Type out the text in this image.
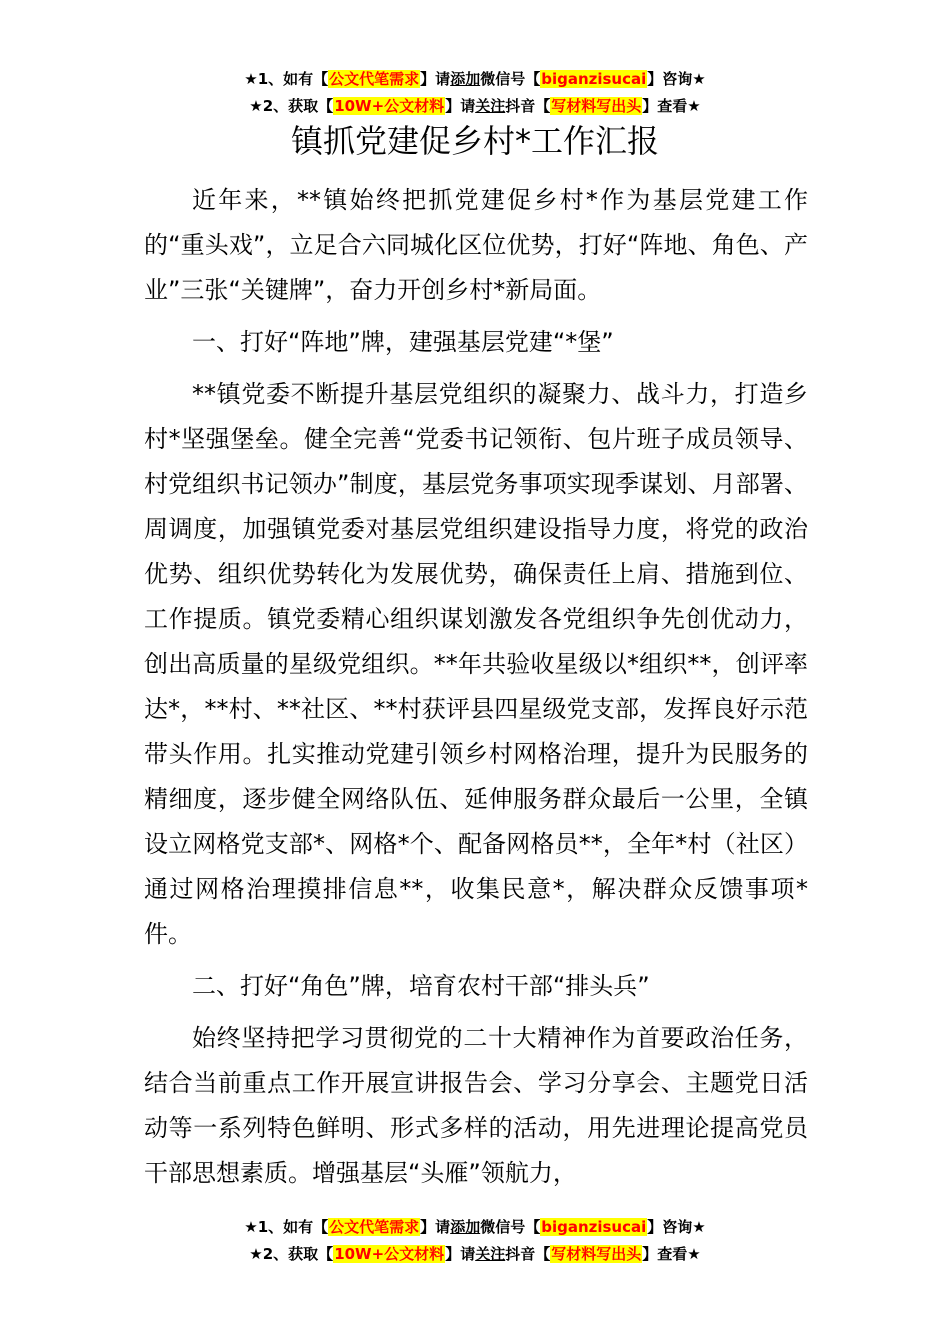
★1、如有【公文代笔需求】请添加微信号【biganzisucai】咨询★
★2、获取【10W+公文材料】请关注抖音【写材料写出头】查看★
镇抓党建促乡村*工作汇报

近年来，**镇始终把抓党建促乡村*作为基层党建工作的“重头戏”，立足合六同城化区位优势，打好“阵地、角色、产业”三张“关键牌”，奋力开创乡村*新局面。

一、打好“阵地”牌，建强基层党建“*堡”

**镇党委不断提升基层党组织的凝聚力、战斗力，打造乡村*坚强堡垒。健全完善“党委书记领衔、包片班子成员领导、村党组织书记领办”制度，基层党务事项实现季谋划、月部署、周调度，加强镇党委对基层党组织建设指导力度，将党的政治优势、组织优势转化为发展优势，确保责任上肩、措施到位、工作提质。镇党委精心组织谋划激发各党组织争先创优动力，创出高质量的星级党组织。**年共验收星级以*组织**，创评率达*，**村、**社区、**村获评县四星级党支部，发挥良好示范带头作用。扎实推动党建引领乡村网格治理，提升为民服务的精细度，逐步健全网络队伍、延伸服务群众最后一公里，全镇设立网格党支部*、网格*个、配备网格员**，全年*村（社区）通过网格治理摸排信息**，收集民意*，解决群众反馈事项*件。

二、打好“角色”牌，培育农村干部“排头兵”

始终坚持把学习贯彻党的二十大精神作为首要政治任务，结合当前重点工作开展宣讲报告会、学习分享会、主题党日活动等一系列特色鲜明、形式多样的活动，用先进理论提高党员干部思想素质。增强基层“头雁”领航力，

★1、如有【公文代笔需求】请添加微信号【biganzisucai】咨询★
★2、获取【10W+公文材料】请关注抖音【写材料写出头】查看★
